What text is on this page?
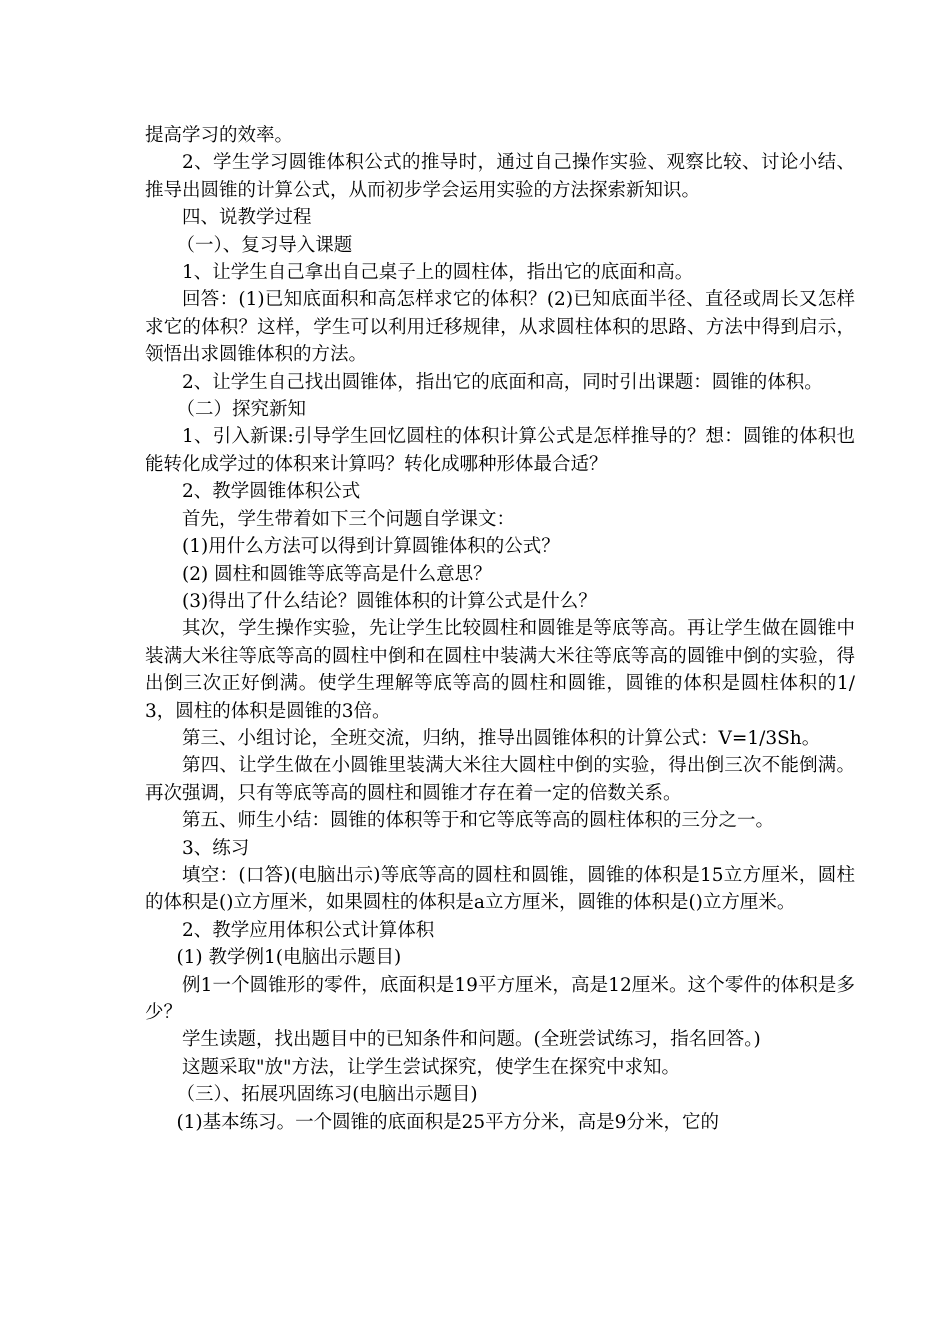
提高学习的效率。

2、学生学习圆锥体积公式的推导时，通过自己操作实验、观察比较、讨论小结、推导出圆锥的计算公式，从而初步学会运用实验的方法探索新知识。

四、说教学过程

（一）、复习导入课题

1、让学生自己拿出自己桌子上的圆柱体，指出它的底面和高。

回答：(1)已知底面积和高怎样求它的体积？(2)已知底面半径、直径或周长又怎样求它的体积？这样，学生可以利用迁移规律，从求圆柱体积的思路、方法中得到启示，领悟出求圆锥体积的方法。

2、让学生自己找出圆锥体，指出它的底面和高，同时引出课题：圆锥的体积。

（二）探究新知

1、引入新课:引导学生回忆圆柱的体积计算公式是怎样推导的？想：圆锥的体积也能转化成学过的体积来计算吗？转化成哪种形体最合适？

2、教学圆锥体积公式

首先，学生带着如下三个问题自学课文：

(1)用什么方法可以得到计算圆锥体积的公式？

(2) 圆柱和圆锥等底等高是什么意思？

(3)得出了什么结论？圆锥体积的计算公式是什么？

其次，学生操作实验，先让学生比较圆柱和圆锥是等底等高。再让学生做在圆锥中装满大米往等底等高的圆柱中倒和在圆柱中装满大米往等底等高的圆锥中倒的实验，得出倒三次正好倒满。使学生理解等底等高的圆柱和圆锥，圆锥的体积是圆柱体积的1/3，圆柱的体积是圆锥的3倍。

第三、小组讨论，全班交流，归纳，推导出圆锥体积的计算公式：V=1/3Sh。

第四、让学生做在小圆锥里装满大米往大圆柱中倒的实验，得出倒三次不能倒满。再次强调，只有等底等高的圆柱和圆锥才存在着一定的倍数关系。

第五、师生小结：圆锥的体积等于和它等底等高的圆柱体积的三分之一。

3、练习

填空：(口答)(电脑出示)等底等高的圆柱和圆锥，圆锥的体积是15立方厘米，圆柱的体积是()立方厘米，如果圆柱的体积是a立方厘米，圆锥的体积是()立方厘米。

2、教学应用体积公式计算体积

(1) 教学例1(电脑出示题目)

例1一个圆锥形的零件，底面积是19平方厘米，高是12厘米。这个零件的体积是多少？

学生读题，找出题目中的已知条件和问题。(全班尝试练习，指名回答。)

这题采取"放"方法，让学生尝试探究，使学生在探究中求知。

（三）、拓展巩固练习(电脑出示题目)

(1)基本练习。一个圆锥的底面积是25平方分米，高是9分米，它的
